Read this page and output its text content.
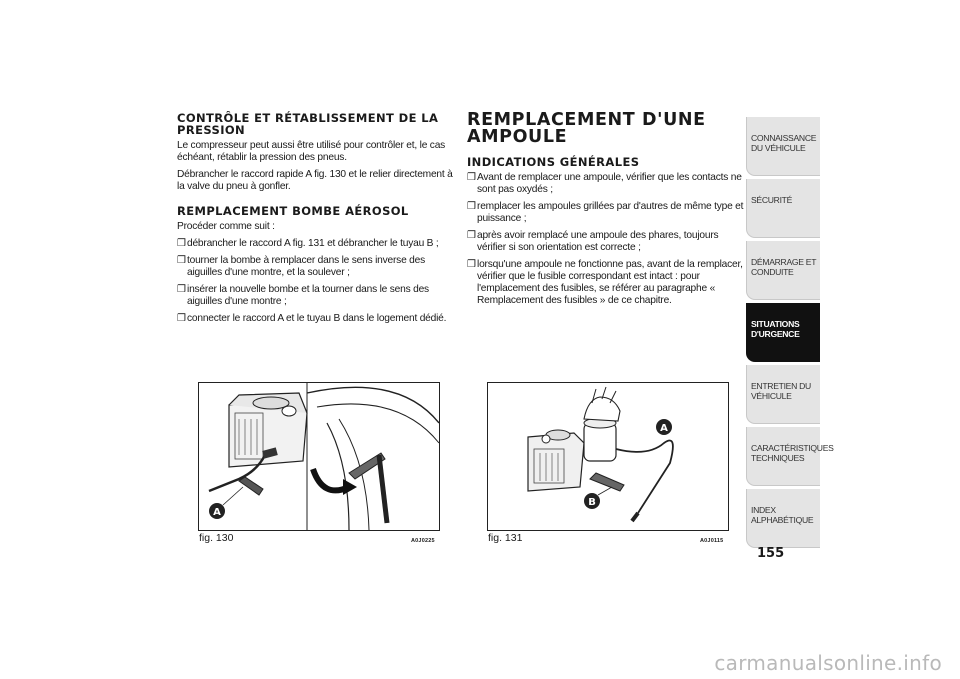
CONTRÔLE ET RÉTABLISSEMENT DE LA PRESSION
Le compresseur peut aussi être utilisé pour contrôler et, le cas échéant, rétablir la pression des pneus.
Débrancher le raccord rapide A fig. 130 et le relier directement à la valve du pneu à gonfler.
REMPLACEMENT BOMBE AÉROSOL
Procéder comme suit :
❒débrancher le raccord A fig. 131 et débrancher le tuyau B ;
❒tourner la bombe à remplacer dans le sens inverse des aiguilles d'une montre, et la soulever ;
❒insérer la nouvelle bombe et la tourner dans le sens des aiguilles d'une montre ;
❒connecter le raccord A et le tuyau B dans le logement dédié.
REMPLACEMENT D'UNE AMPOULE
INDICATIONS GÉNÉRALES
❒Avant de remplacer une ampoule, vérifier que les contacts ne sont pas oxydés ;
❒remplacer les ampoules grillées par d'autres de même type et puissance ;
❒après avoir remplacé une ampoule des phares, toujours vérifier si son orientation est correcte ;
❒lorsqu'une ampoule ne fonctionne pas, avant de la remplacer, vérifier que le fusible correspondant est intact : pour l'emplacement des fusibles, se référer au paragraphe « Remplacement des fusibles » de ce chapitre.
A
fig. 130	A0J0225
A
B
fig. 131	A0J0115
CONNAISSANCE DU VÉHICULE
SÉCURITÉ
DÉMARRAGE ET CONDUITE
SITUATIONS D'URGENCE
ENTRETIEN DU VÉHICULE
CARACTÉRISTIQUES TECHNIQUES
INDEX ALPHABÉTIQUE
155
carmanualsonline.info
